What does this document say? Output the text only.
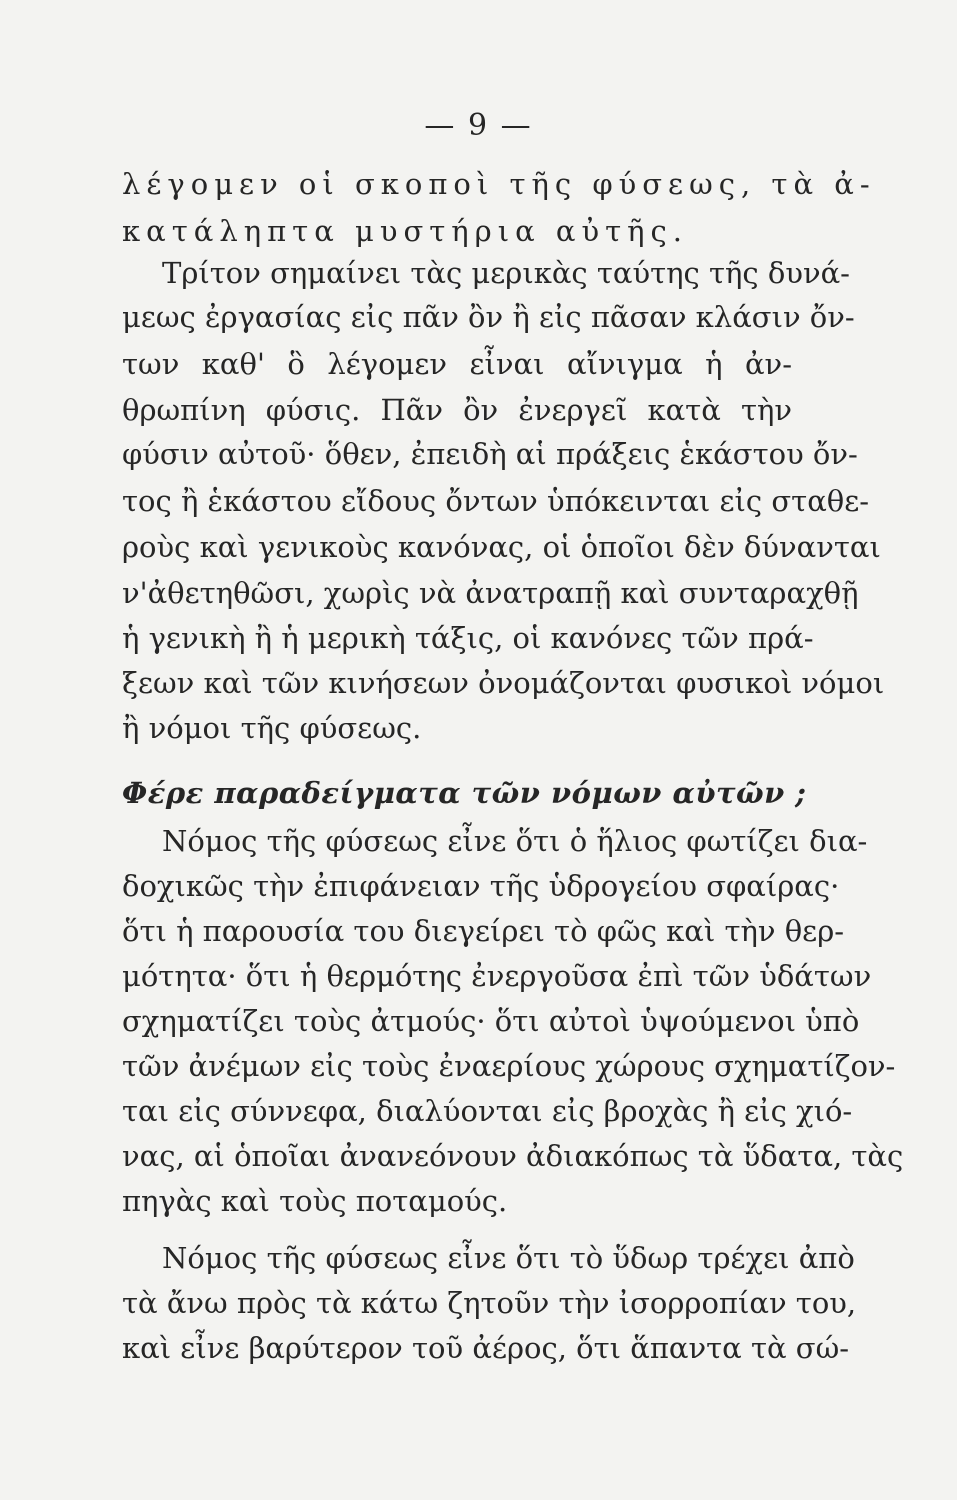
— 9 —
λέγομεν οἱ σκοποὶ τῆς φύσεως, τὰ ἀ-
κατάληπτα μυστήρια αὐτῆς.
Τρίτον σημαίνει τὰς μερικὰς ταύτης τῆς δυνά-
μεως ἐργασίας εἰς πᾶν ὂν ἢ εἰς πᾶσαν κλάσιν ὄν-
των καθ' ὃ λέγομεν εἶναι αἴνιγμα ἡ ἀν-
θρωπίνη φύσις. Πᾶν ὂν ἐνεργεῖ κατὰ τὴν
φύσιν αὐτοῦ· ὅθεν, ἐπειδὴ αἱ πράξεις ἑκάστου ὄν-
τος ἢ ἑκάστου εἴδους ὄντων ὑπόκεινται εἰς σταθε-
ροὺς καὶ γενικοὺς κανόνας, οἱ ὁποῖοι δὲν δύνανται
ν'ἀθετηθῶσι, χωρὶς νὰ ἀνατραπῇ καὶ συνταραχθῇ
ἡ γενικὴ ἢ ἡ μερικὴ τάξις, οἱ κανόνες τῶν πρά-
ξεων καὶ τῶν κινήσεων ὀνομάζονται φυσικοὶ νόμοι
ἢ νόμοι τῆς φύσεως.
Φέρε παραδείγματα τῶν νόμων αὐτῶν ;
Νόμος τῆς φύσεως εἶνε ὅτι ὁ ἥλιος φωτίζει δια-
δοχικῶς τὴν ἐπιφάνειαν τῆς ὑδρογείου σφαίρας·
ὅτι ἡ παρουσία του διεγείρει τὸ φῶς καὶ τὴν θερ-
μότητα· ὅτι ἡ θερμότης ἐνεργοῦσα ἐπὶ τῶν ὑδάτων
σχηματίζει τοὺς ἀτμούς· ὅτι αὐτοὶ ὑψούμενοι ὑπὸ
τῶν ἀνέμων εἰς τοὺς ἐναερίους χώρους σχηματίζον-
ται εἰς σύννεφα, διαλύονται εἰς βροχὰς ἢ εἰς χιό-
νας, αἱ ὁποῖαι ἀνανεόνουν ἀδιακόπως τὰ ὕδατα, τὰς
πηγὰς καὶ τοὺς ποταμούς.
Νόμος τῆς φύσεως εἶνε ὅτι τὸ ὕδωρ τρέχει ἀπὸ
τὰ ἄνω πρὸς τὰ κάτω ζητοῦν τὴν ἰσορροπίαν του,
καὶ εἶνε βαρύτερον τοῦ ἀέρος, ὅτι ἅπαντα τὰ σώ-
